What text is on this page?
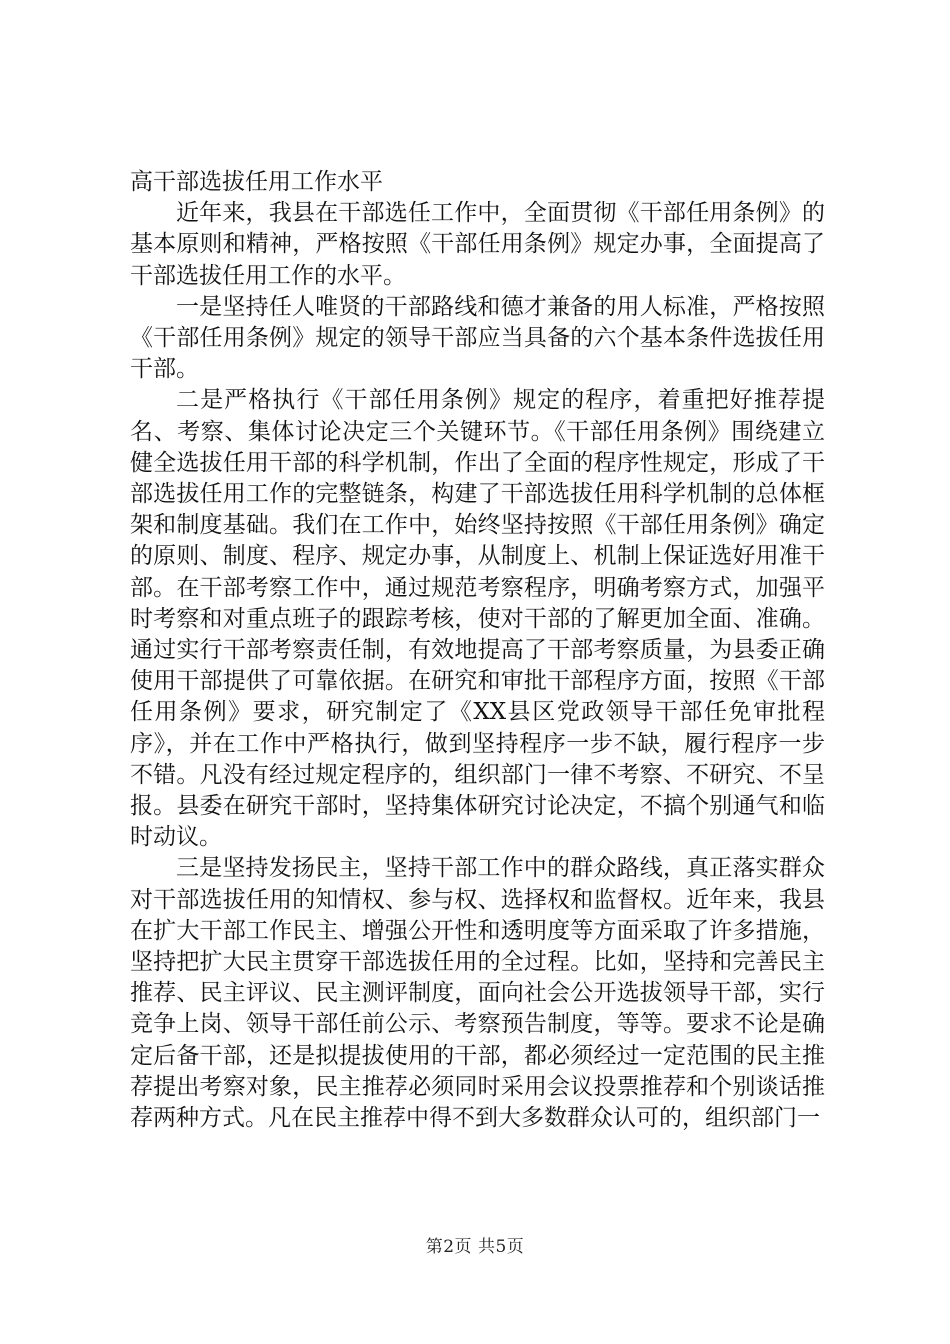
高干部选拔任用工作水平

近年来，我县在干部选任工作中，全面贯彻《干部任用条例》的基本原则和精神，严格按照《干部任用条例》规定办事，全面提高了干部选拔任用工作的水平。

一是坚持任人唯贤的干部路线和德才兼备的用人标准，严格按照《干部任用条例》规定的领导干部应当具备的六个基本条件选拔任用干部。

二是严格执行《干部任用条例》规定的程序，着重把好推荐提名、考察、集体讨论决定三个关键环节。《干部任用条例》围绕建立健全选拔任用干部的科学机制，作出了全面的程序性规定，形成了干部选拔任用工作的完整链条，构建了干部选拔任用科学机制的总体框架和制度基础。我们在工作中，始终坚持按照《干部任用条例》确定的原则、制度、程序、规定办事，从制度上、机制上保证选好用准干部。在干部考察工作中，通过规范考察程序，明确考察方式，加强平时考察和对重点班子的跟踪考核，使对干部的了解更加全面、准确。通过实行干部考察责任制，有效地提高了干部考察质量，为县委正确使用干部提供了可靠依据。在研究和审批干部程序方面，按照《干部任用条例》要求，研究制定了《XX县区党政领导干部任免审批程序》，并在工作中严格执行，做到坚持程序一步不缺，履行程序一步不错。凡没有经过规定程序的，组织部门一律不考察、不研究、不呈报。县委在研究干部时，坚持集体研究讨论决定，不搞个别通气和临时动议。

三是坚持发扬民主，坚持干部工作中的群众路线，真正落实群众对干部选拔任用的知情权、参与权、选择权和监督权。近年来，我县在扩大干部工作民主、增强公开性和透明度等方面采取了许多措施，坚持把扩大民主贯穿干部选拔任用的全过程。比如，坚持和完善民主推荐、民主评议、民主测评制度，面向社会公开选拔领导干部，实行竞争上岗、领导干部任前公示、考察预告制度，等等。要求不论是确定后备干部，还是拟提拔使用的干部，都必须经过一定范围的民主推荐提出考察对象，民主推荐必须同时采用会议投票推荐和个别谈话推荐两种方式。凡在民主推荐中得不到大多数群众认可的，组织部门一

第2页 共5页
